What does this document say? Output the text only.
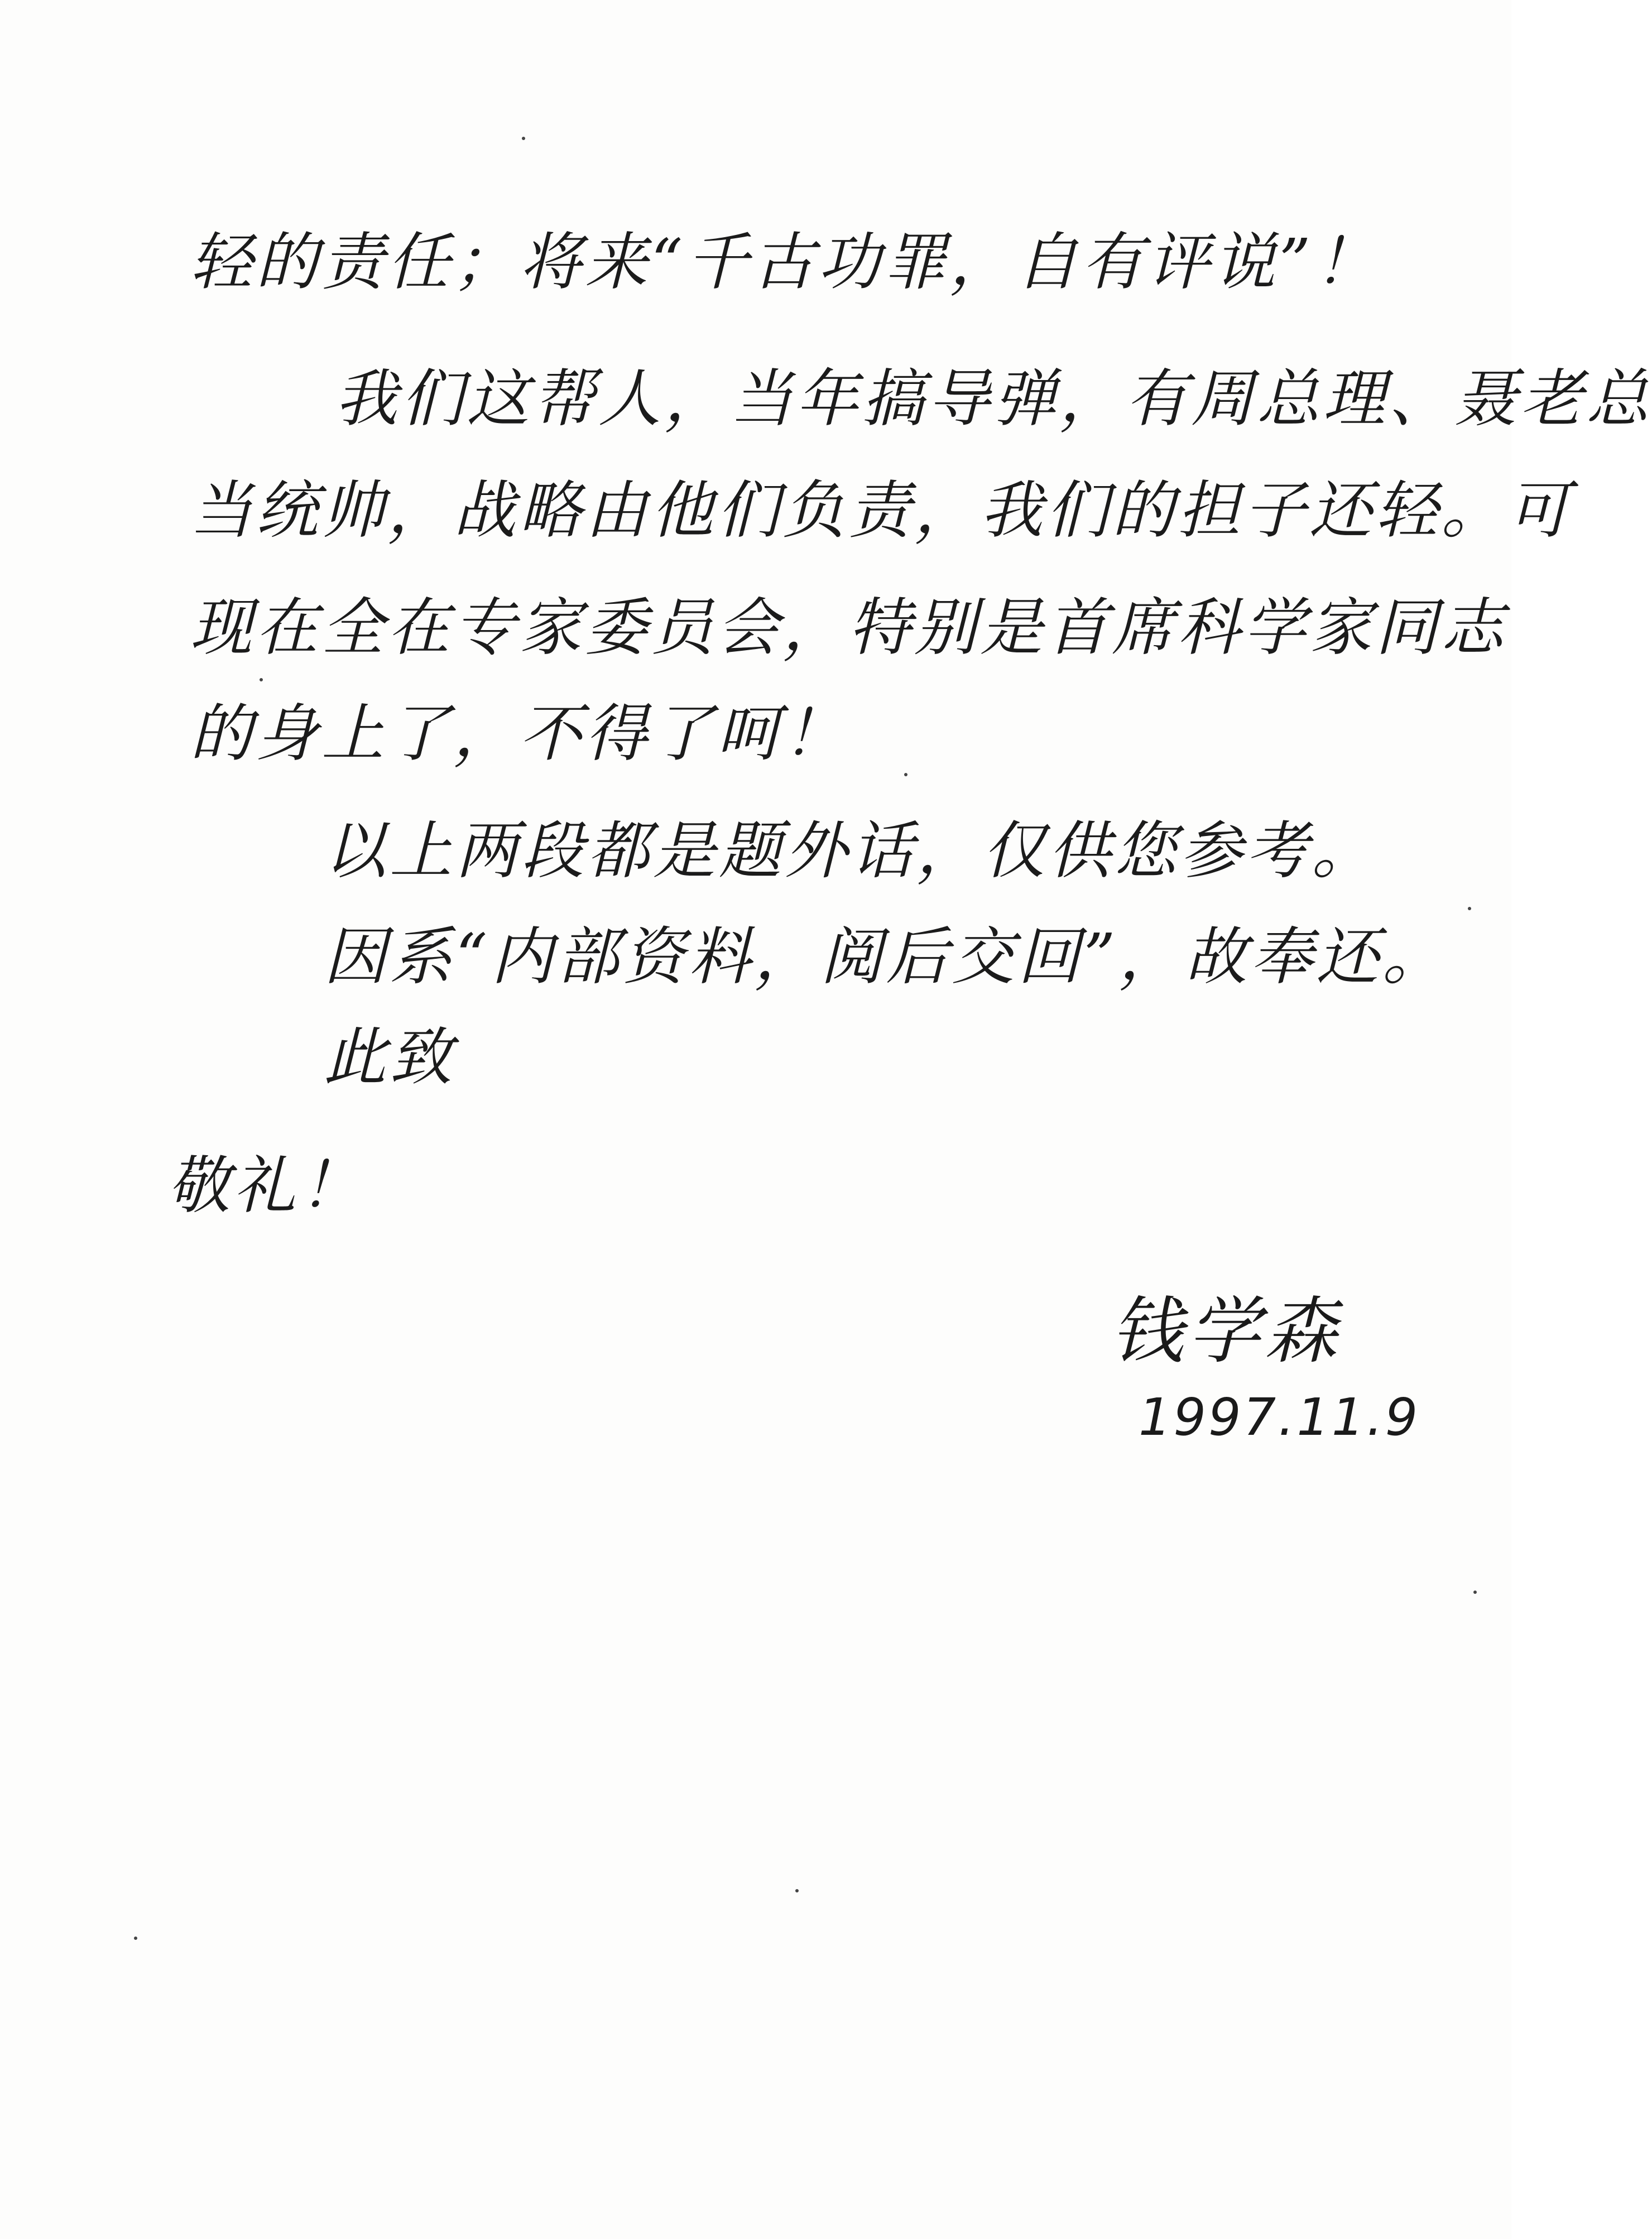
轻的责任；将来“千古功罪，自有评说”！
我们这帮人，当年搞导弹，有周总理、聂老总
当统帅，战略由他们负责，我们的担子还轻。可
现在全在专家委员会，特别是首席科学家同志
的身上了，不得了呵！
以上两段都是题外话，仅供您参考。
因系“内部资料，阅后交回”，故奉还。
此致
敬礼！
钱学森
1997.11.9
